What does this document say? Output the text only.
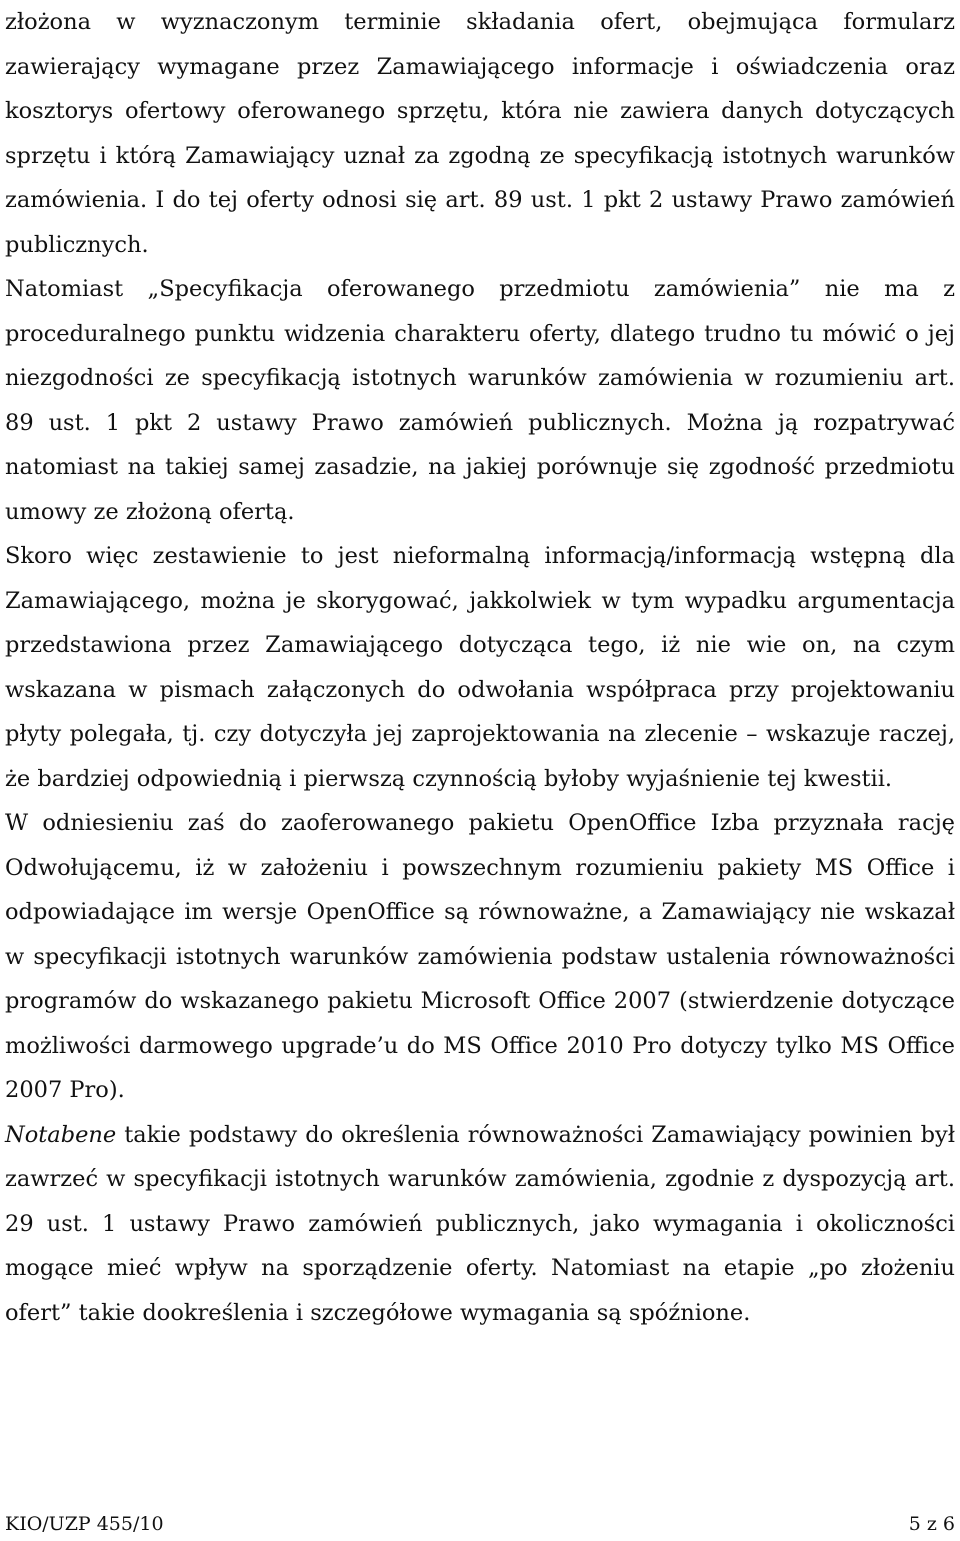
złożona w wyznaczonym terminie składania ofert, obejmująca formularz zawierający wymagane przez Zamawiającego informacje i oświadczenia oraz kosztorys ofertowy oferowanego sprzętu, która nie zawiera danych dotyczących sprzętu i którą Zamawiający uznał za zgodną ze specyfikacją istotnych warunków zamówienia. I do tej oferty odnosi się art. 89 ust. 1 pkt 2 ustawy Prawo zamówień publicznych.

Natomiast „Specyfikacja oferowanego przedmiotu zamówienia” nie ma z proceduralnego punktu widzenia charakteru oferty, dlatego trudno tu mówić o jej niezgodności ze specyfikacją istotnych warunków zamówienia w rozumieniu art. 89 ust. 1 pkt 2 ustawy Prawo zamówień publicznych. Można ją rozpatrywać natomiast na takiej samej zasadzie, na jakiej porównuje się zgodność przedmiotu umowy ze złożoną ofertą.

Skoro więc zestawienie to jest nieformalną informacją/informacją wstępną dla Zamawiającego, można je skorygować, jakkolwiek w tym wypadku argumentacja przedstawiona przez Zamawiającego dotycząca tego, iż nie wie on, na czym wskazana w pismach załączonych do odwołania współpraca przy projektowaniu płyty polegała, tj. czy dotyczyła jej zaprojektowania na zlecenie – wskazuje raczej, że bardziej odpowiednią i pierwszą czynnością byłoby wyjaśnienie tej kwestii.

W odniesieniu zaś do zaoferowanego pakietu OpenOffice Izba przyznała rację Odwołującemu, iż w założeniu i powszechnym rozumieniu pakiety MS Office i odpowiadające im wersje OpenOffice są równoważne, a Zamawiający nie wskazał w specyfikacji istotnych warunków zamówienia podstaw ustalenia równoważności programów do wskazanego pakietu Microsoft Office 2007 (stwierdzenie dotyczące możliwości darmowego upgrade’u do MS Office 2010 Pro dotyczy tylko MS Office 2007 Pro).

Notabene takie podstawy do określenia równoważności Zamawiający powinien był zawrzeć w specyfikacji istotnych warunków zamówienia, zgodnie z dyspozycją art. 29 ust. 1 ustawy Prawo zamówień publicznych, jako wymagania i okoliczności mogące mieć wpływ na sporządzenie oferty. Natomiast na etapie „po złożeniu ofert” takie dookreślenia i szczegółowe wymagania są spóźnione.

KIO/UZP 455/10	5 z 6
